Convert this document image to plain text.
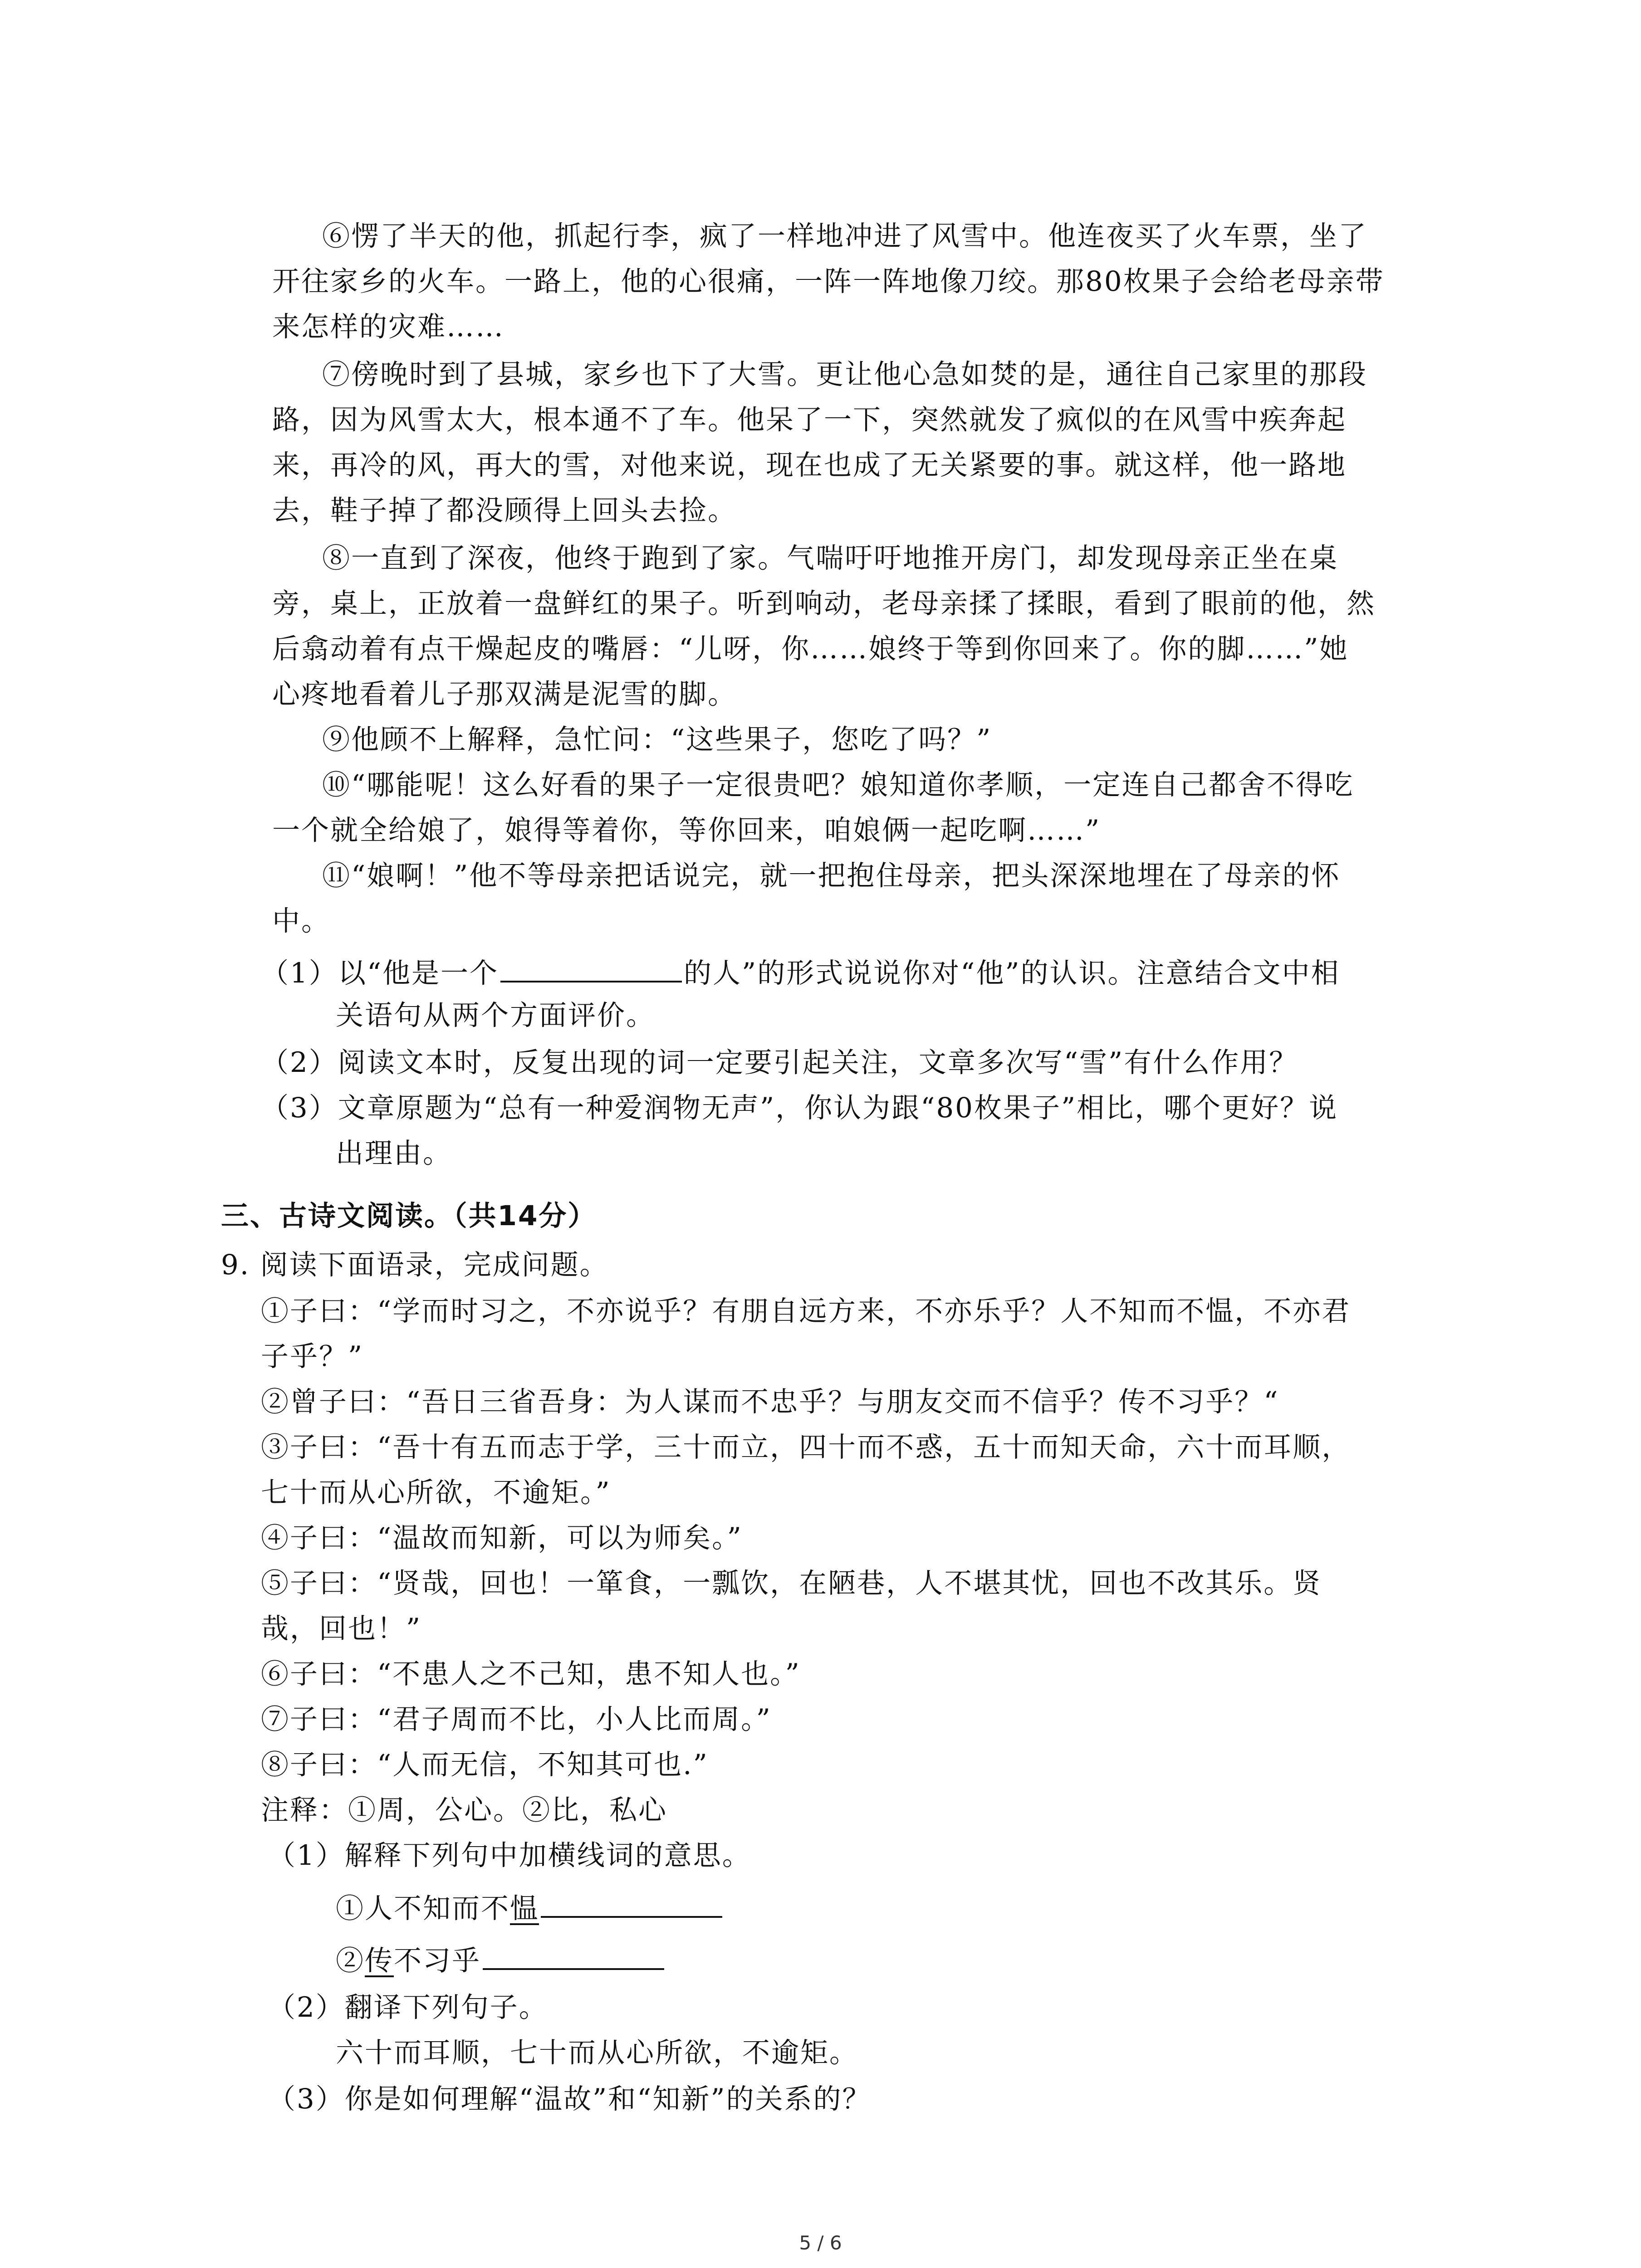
⑥愣了半天的他，抓起行李，疯了一样地冲进了风雪中。他连夜买了火车票，坐了
开往家乡的火车。一路上，他的心很痛，一阵一阵地像刀绞。那80枚果子会给老母亲带
来怎样的灾难……
⑦傍晚时到了县城，家乡也下了大雪。更让他心急如焚的是，通往自己家里的那段
路，因为风雪太大，根本通不了车。他呆了一下，突然就发了疯似的在风雪中疾奔起
来，再冷的风，再大的雪，对他来说，现在也成了无关紧要的事。就这样，他一路地
去，鞋子掉了都没顾得上回头去捡。
⑧一直到了深夜，他终于跑到了家。气喘吁吁地推开房门，却发现母亲正坐在桌
旁，桌上，正放着一盘鲜红的果子。听到响动，老母亲揉了揉眼，看到了眼前的他，然
后翕动着有点干燥起皮的嘴唇：“儿呀，你……娘终于等到你回来了。你的脚……”她
心疼地看着儿子那双满是泥雪的脚。
⑨他顾不上解释，急忙问：“这些果子，您吃了吗？”
⑩“哪能呢！这么好看的果子一定很贵吧？娘知道你孝顺，一定连自己都舍不得吃
一个就全给娘了，娘得等着你，等你回来，咱娘俩一起吃啊……”
⑪“娘啊！”他不等母亲把话说完，就一把抱住母亲，把头深深地埋在了母亲的怀
中。
（1）以“他是一个	的人”的形式说说你对“他”的认识。注意结合文中相
关语句从两个方面评价。
（2）阅读文本时，反复出现的词一定要引起关注，文章多次写“雪”有什么作用？
（3）文章原题为“总有一种爱润物无声”，你认为跟“80枚果子”相比，哪个更好？说
出理由。
三、古诗文阅读。（共14分）
9. 阅读下面语录，完成问题。
①子曰：“学而时习之，不亦说乎？有朋自远方来，不亦乐乎？人不知而不愠，不亦君
子乎？”
②曾子曰：“吾日三省吾身：为人谋而不忠乎？与朋友交而不信乎？传不习乎？“
③子曰：“吾十有五而志于学，三十而立，四十而不惑，五十而知天命，六十而耳顺，
七十而从心所欲，不逾矩。”
④子曰：“温故而知新，可以为师矣。”
⑤子曰：“贤哉，回也！一箪食，一瓢饮，在陋巷，人不堪其忧，回也不改其乐。贤
哉，回也！”
⑥子曰：“不患人之不己知，患不知人也。”
⑦子曰：“君子周而不比，小人比而周。”
⑧子曰：“人而无信，不知其可也.”
注释：①周，公心。②比，私心
（1）解释下列句中加横线词的意思。
①人不知而不愠
②传不习乎
（2）翻译下列句子。
六十而耳顺，七十而从心所欲，不逾矩。
（3）你是如何理解“温故”和“知新”的关系的？
5 / 6
